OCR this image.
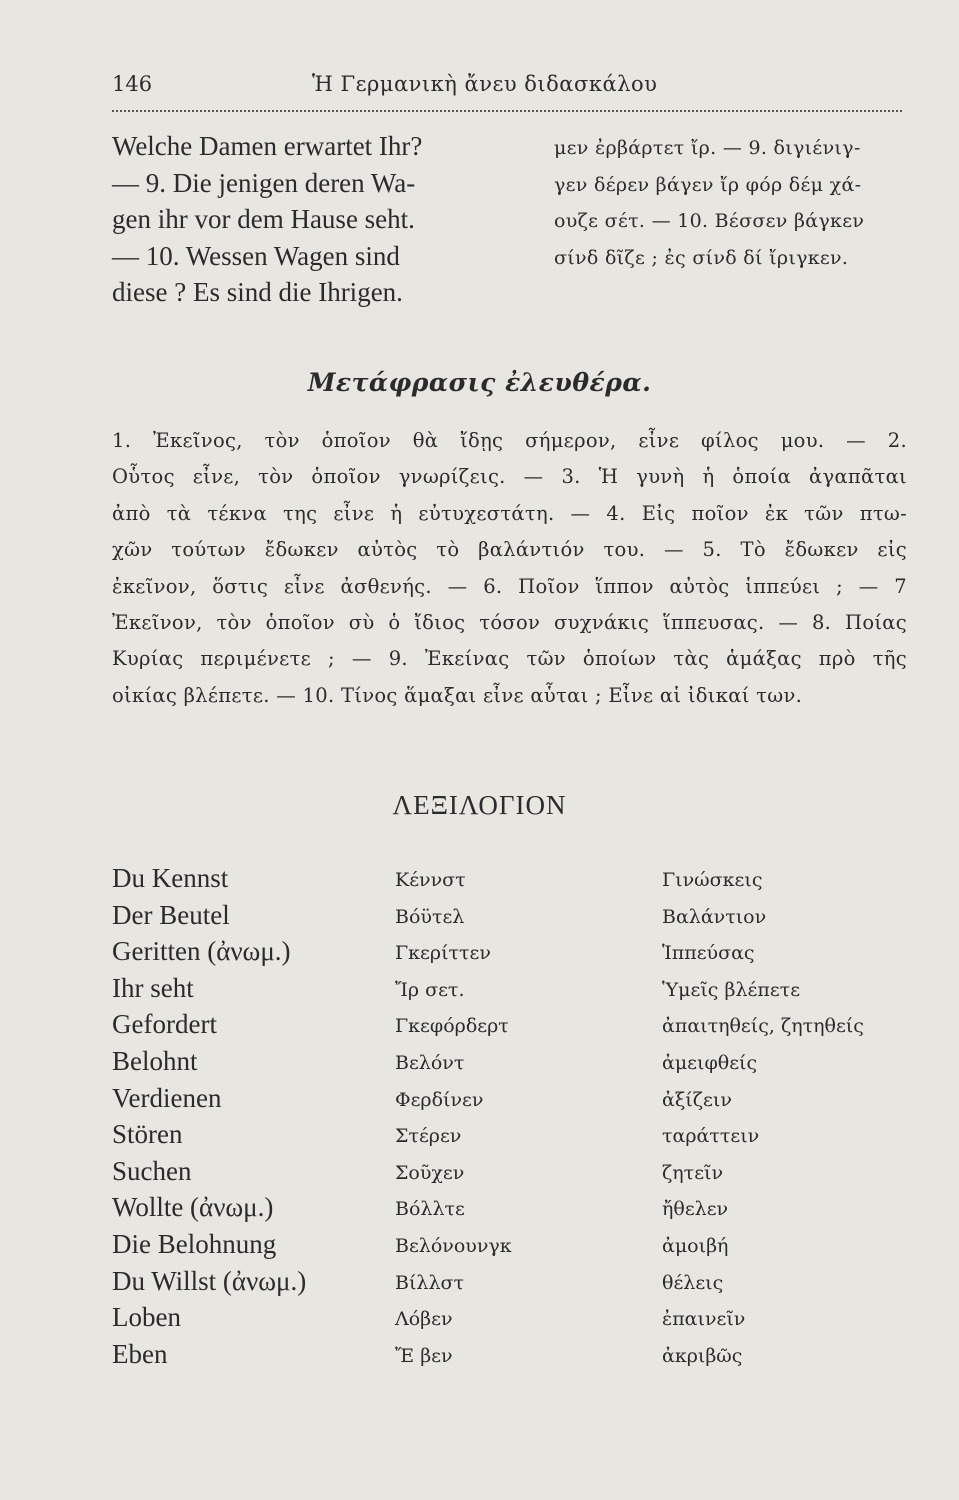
146	Ἡ Γερμανικὴ ἄνευ διδασκάλου
Welche Damen erwartet Ihr?
— 9. Die jenigen deren Wa-
gen ihr vor dem Hause seht.
— 10. Wessen Wagen sind
diese ? Es sind die Ihrigen.
μεν ἐρβάρτετ ἴρ. — 9. διγιένιγ-
γεν δέρεν βάγεν ἴρ φόρ δέμ χά-
ουζε σέτ. — 10. Βέσσεν βάγκεν
σίνδ δῖζε ; ἐς σίνδ δί ἴριγκεν.
Μετάφρασις ἐλευθέρα.
1. Ἐκεῖνος, τὸν ὁποῖον θὰ ἴδῃς σήμερον, εἶνε φίλος μου. — 2.
Οὗτος εἶνε, τὸν ὁποῖον γνωρίζεις. — 3. Ἡ γυνὴ ἡ ὁποία ἀγαπᾶται
ἀπὸ τὰ τέκνα της εἶνε ἡ εὐτυχεστάτη. — 4. Εἰς ποῖον ἐκ τῶν πτω-
χῶν τούτων ἔδωκεν αὐτὸς τὸ βαλάντιόν του. — 5. Τὸ ἔδωκεν εἰς
ἐκεῖνον, ὅστις εἶνε ἀσθενής. — 6. Ποῖον ἵππον αὐτὸς ἱππεύει ; — 7
Ἐκεῖνον, τὸν ὁποῖον σὺ ὁ ἴδιος τόσον συχνάκις ἵππευσας. — 8. Ποίας
Κυρίας περιμένετε ; — 9. Ἐκείνας τῶν ὁποίων τὰς ἁμάξας πρὸ τῆς
οἰκίας βλέπετε. — 10. Τίνος ἅμαξαι εἶνε αὗται ; Εἶνε αἱ ἰδικαί των.
ΛΕΞΙΛΟΓΙΟΝ
Du Kennst	Κέννστ	Γινώσκεις
Der Beutel	Βόϋτελ	Βαλάντιον
Geritten (ἀνωμ.)	Γκερίττεν	Ἱππεύσας
Ihr seht	Ἴρ σετ.	Ὑμεῖς βλέπετε
Gefordert	Γκεφόρδερτ	ἀπαιτηθείς, ζητηθείς
Belohnt	Βελόντ	ἀμειφθείς
Verdienen	Φερδίνεν	ἀξίζειν
Stören	Στέρεν	ταράττειν
Suchen	Σοῦχεν	ζητεῖν
Wollte (ἀνωμ.)	Βόλλτε	ἤθελεν
Die Belohnung	Βελόνουνγκ	ἀμοιβή
Du Willst (ἀνωμ.)	Βίλλστ	θέλεις
Loben	Λόβεν	ἐπαινεῖν
Eben	Ἔ βεν	ἀκριβῶς
